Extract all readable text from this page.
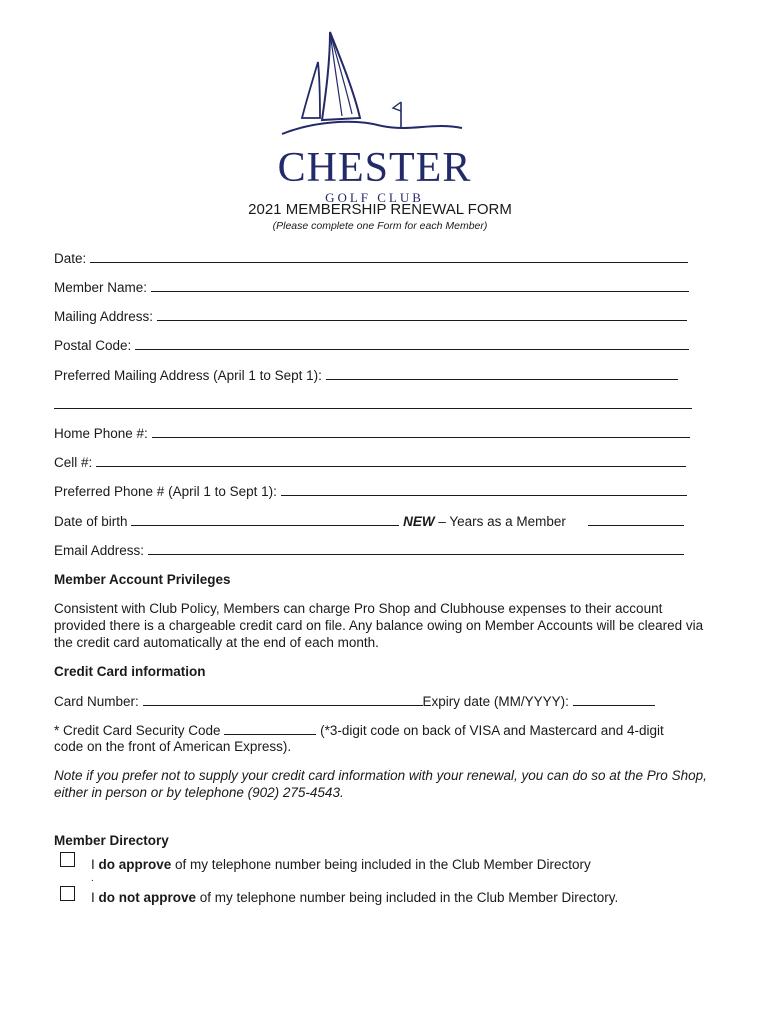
CHESTER
GOLF CLUB
2021 MEMBERSHIP RENEWAL FORM
(Please complete one Form for each Member)
Date:
Member Name:
Mailing Address:
Postal Code:
Preferred Mailing Address (April 1 to Sept 1):
Home Phone #:
Cell #:
Preferred Phone # (April 1 to Sept 1):
Date of birth	NEW – Years as a Member
Email Address:
Member Account Privileges
Consistent with Club Policy, Members can charge Pro Shop and Clubhouse expenses to their account provided there is a chargeable credit card on file. Any balance owing on Member Accounts will be cleared via the credit card automatically at the end of each month.
Credit Card information
Card Number:	Expiry date (MM/YYYY):
* Credit Card Security Code	(*3-digit code on back of VISA and Mastercard and 4-digit
code on the front of American Express).
Note if you prefer not to supply your credit card information with your renewal, you can do so at the Pro Shop, either in person or by telephone (902) 275-4543.
Member Directory
I do approve of my telephone number being included in the Club Member Directory
.
I do not approve of my telephone number being included in the Club Member Directory.
